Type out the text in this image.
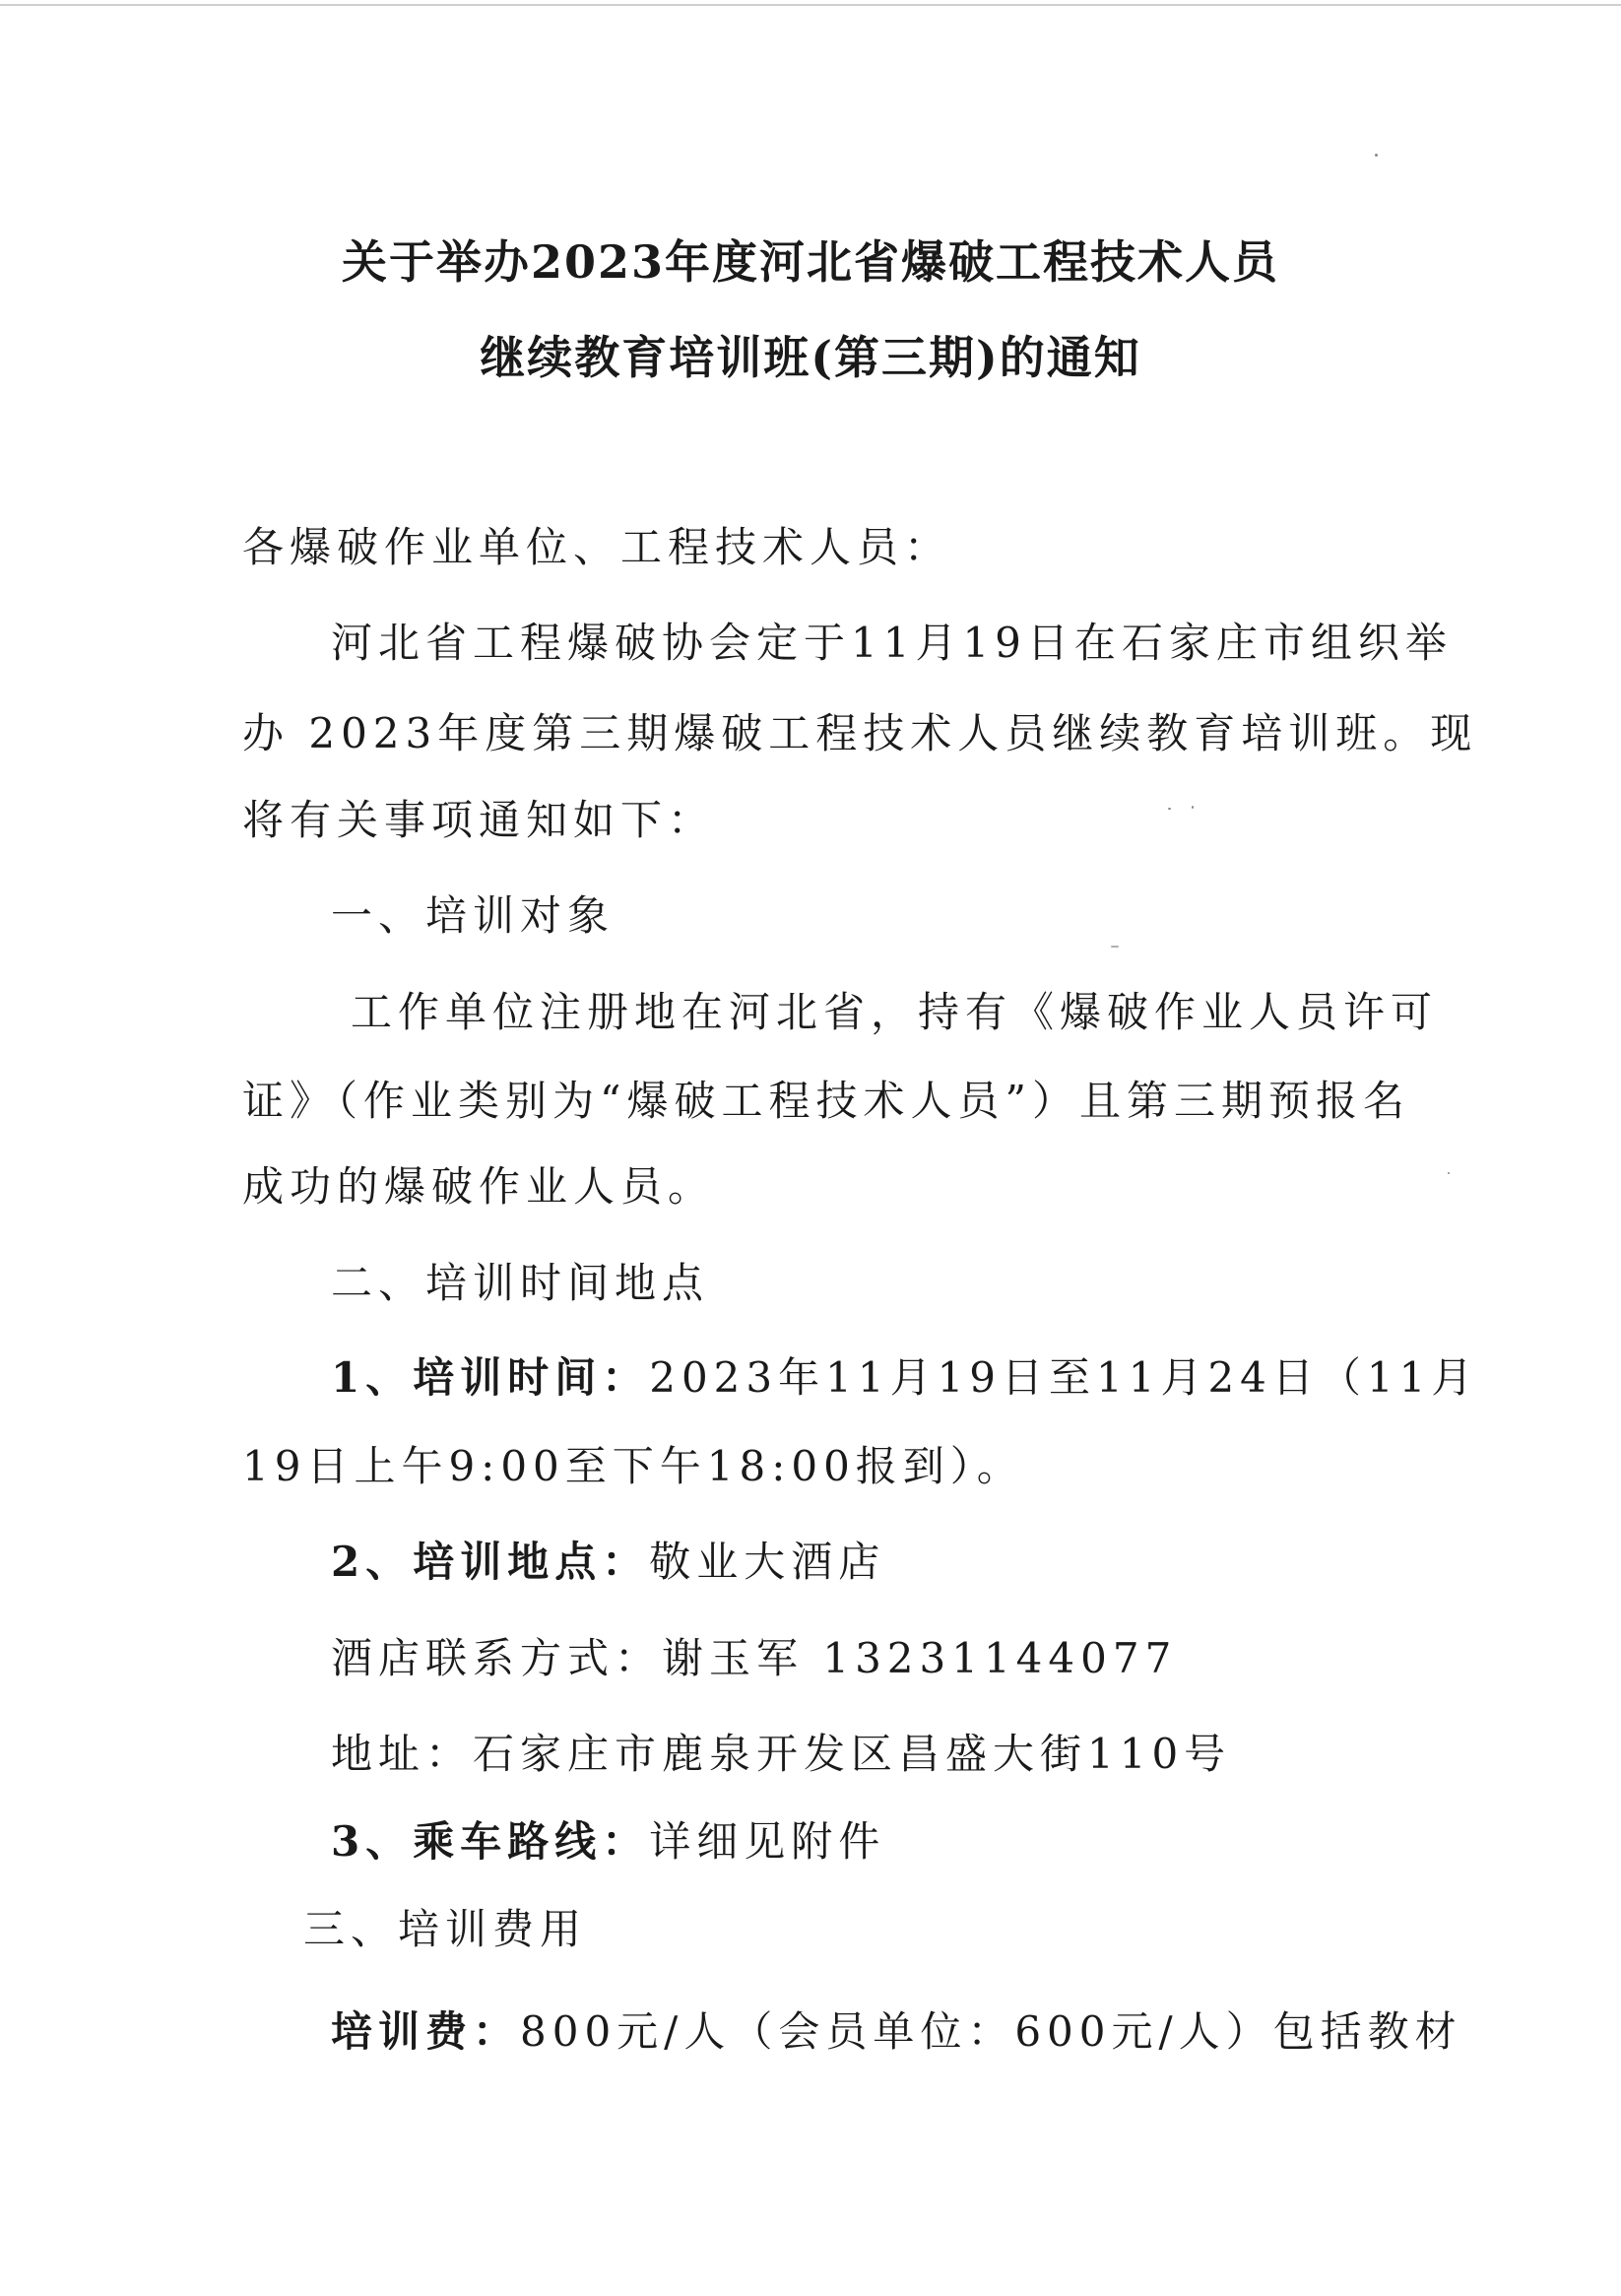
关于举办2023年度河北省爆破工程技术人员
继续教育培训班(第三期)的通知
各爆破作业单位、工程技术人员：
河北省工程爆破协会定于11月19日在石家庄市组织举
办 2023年度第三期爆破工程技术人员继续教育培训班。现
将有关事项通知如下：
一、培训对象
工作单位注册地在河北省，持有《爆破作业人员许可
证》（作业类别为“爆破工程技术人员”）且第三期预报名
成功的爆破作业人员。
二、培训时间地点
1、培训时间：2023年11月19日至11月24日（11月
19日上午9:00至下午18:00报到）。
2、培训地点：敬业大酒店
酒店联系方式：谢玉军 13231144077
地址：石家庄市鹿泉开发区昌盛大街110号
3、乘车路线：详细见附件
三、培训费用
培训费：800元/人（会员单位：600元/人）包括教材
